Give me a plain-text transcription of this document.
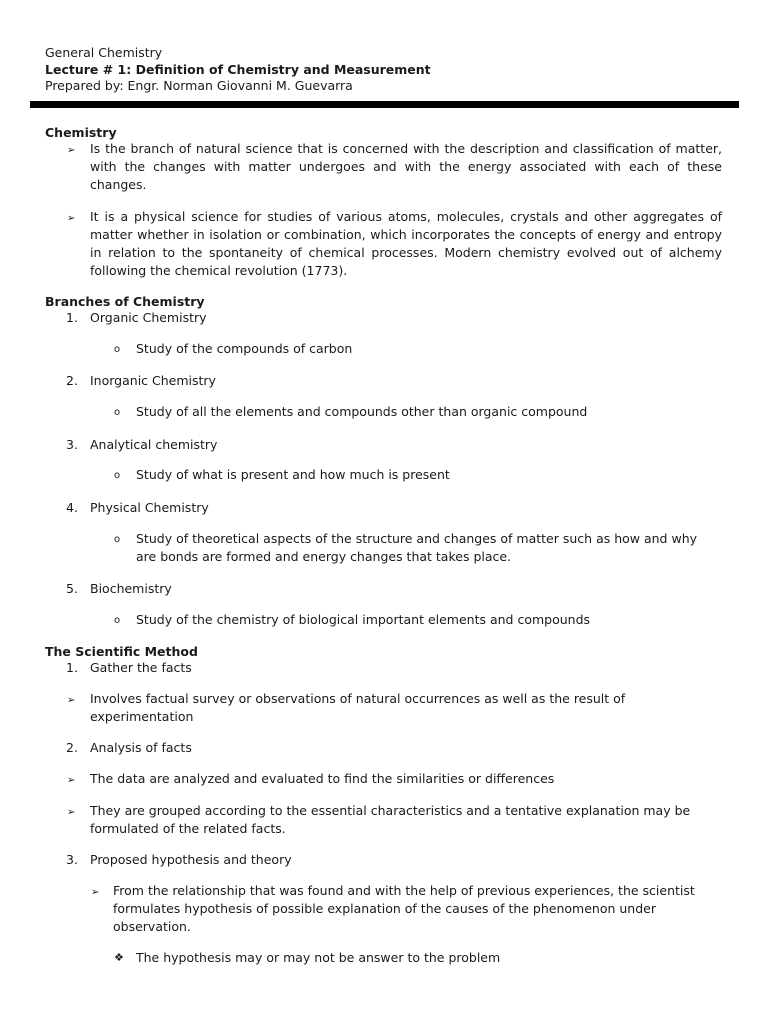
General Chemistry
Lecture # 1: Definition of Chemistry and Measurement
Prepared by: Engr. Norman Giovanni M. Guevarra
Chemistry
➢ Is the branch of natural science that is concerned with the description and classification of matter, with the changes with matter undergoes and with the energy associated with each of these changes.
➢ It is a physical science for studies of various atoms, molecules, crystals and other aggregates of matter whether in isolation or combination, which incorporates the concepts of energy and entropy in relation to the spontaneity of chemical processes. Modern chemistry evolved out of alchemy following the chemical revolution (1773).
Branches of Chemistry
1. Organic Chemistry
o Study of the compounds of carbon
2. Inorganic Chemistry
o Study of all the elements and compounds other than organic compound
3. Analytical chemistry
o Study of what is present and how much is present
4. Physical Chemistry
o Study of theoretical aspects of the structure and changes of matter such as how and why are bonds are formed and energy changes that takes place.
5. Biochemistry
o Study of the chemistry of biological important elements and compounds
The Scientific Method
1. Gather the facts
➢ Involves factual survey or observations of natural occurrences as well as the result of experimentation
2. Analysis of facts
➢ The data are analyzed and evaluated to find the similarities or differences
➢ They are grouped according to the essential characteristics and a tentative explanation may be formulated of the related facts.
3. Proposed hypothesis and theory
➢ From the relationship that was found and with the help of previous experiences, the scientist formulates hypothesis of possible explanation of the causes of the phenomenon under observation.
❖ The hypothesis may or may not be answer to the problem
